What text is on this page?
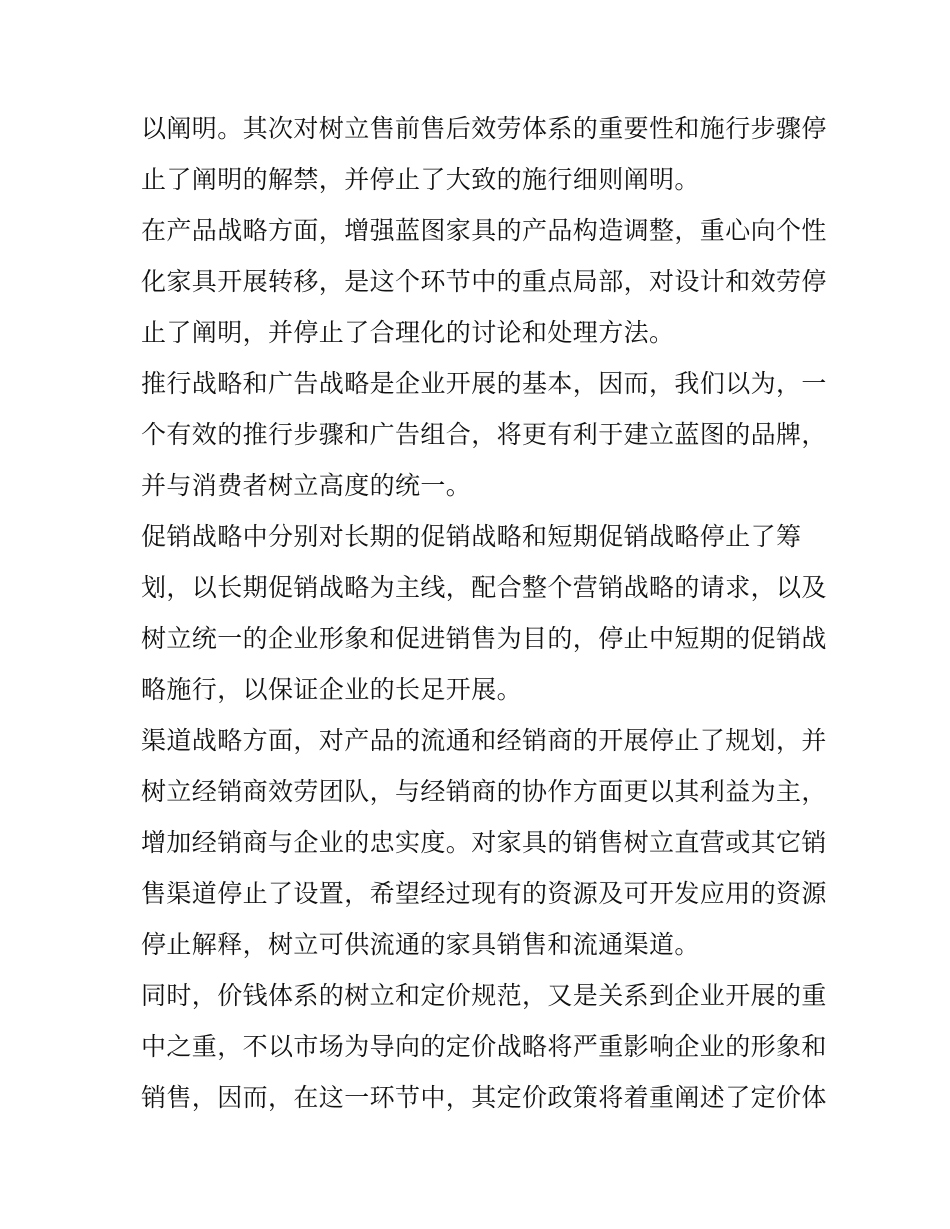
以阐明。其次对树立售前售后效劳体系的重要性和施行步骤停
止了阐明的解禁，并停止了大致的施行细则阐明。
在产品战略方面，增强蓝图家具的产品构造调整，重心向个性
化家具开展转移，是这个环节中的重点局部，对设计和效劳停
止了阐明，并停止了合理化的讨论和处理方法。
推行战略和广告战略是企业开展的基本，因而，我们以为，一
个有效的推行步骤和广告组合，将更有利于建立蓝图的品牌，
并与消费者树立高度的统一。
促销战略中分别对长期的促销战略和短期促销战略停止了筹
划，以长期促销战略为主线，配合整个营销战略的请求，以及
树立统一的企业形象和促进销售为目的，停止中短期的促销战
略施行，以保证企业的长足开展。
渠道战略方面，对产品的流通和经销商的开展停止了规划，并
树立经销商效劳团队，与经销商的协作方面更以其利益为主，
增加经销商与企业的忠实度。对家具的销售树立直营或其它销
售渠道停止了设置，希望经过现有的资源及可开发应用的资源
停止解释，树立可供流通的家具销售和流通渠道。
同时，价钱体系的树立和定价规范，又是关系到企业开展的重
中之重，不以市场为导向的定价战略将严重影响企业的形象和
销售，因而，在这一环节中，其定价政策将着重阐述了定价体
